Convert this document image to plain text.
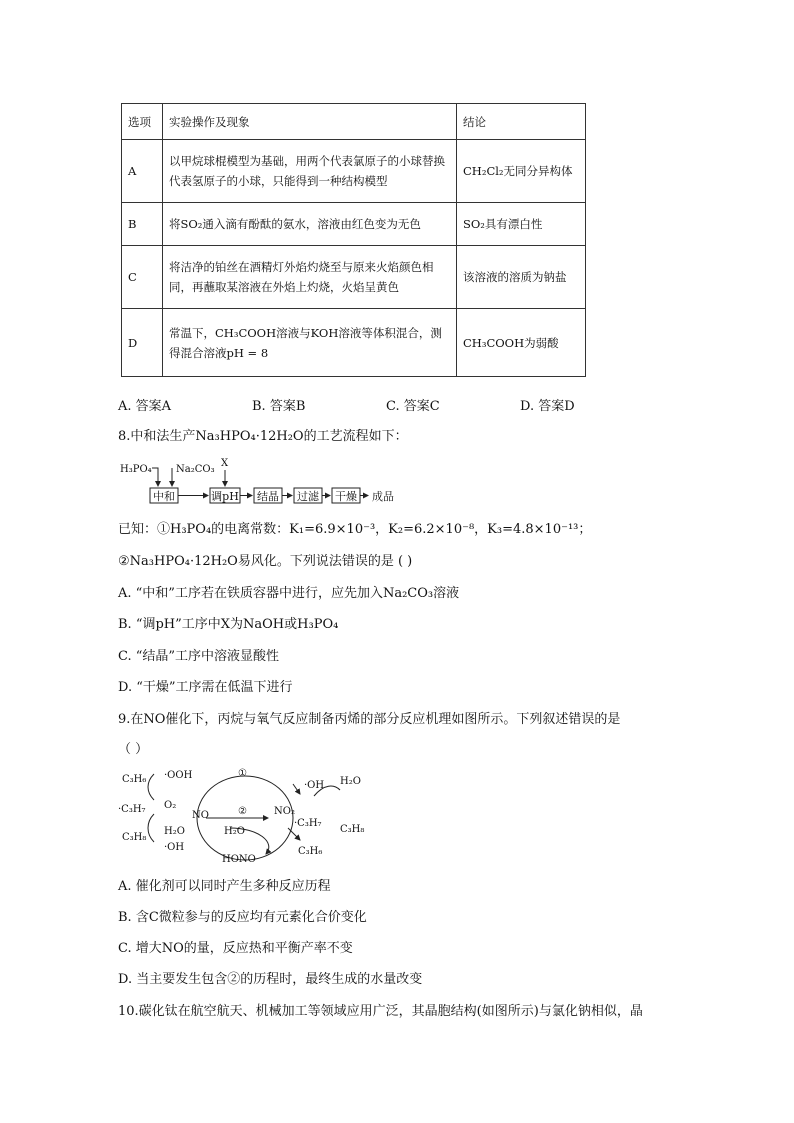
选项	实验操作及现象	结论
A	以甲烷球棍模型为基础，用两个代表氯原子的小球替换代表氢原子的小球，只能得到一种结构模型	CH₂Cl₂无同分异构体
B	将SO₂通入滴有酚酞的氨水，溶液由红色变为无色	SO₂具有漂白性
C	将洁净的铂丝在酒精灯外焰灼烧至与原来火焰颜色相同，再蘸取某溶液在外焰上灼烧，火焰呈黄色	该溶液的溶质为钠盐
D	常温下，CH₃COOH溶液与KOH溶液等体积混合，测得混合溶液pH = 8	CH₃COOH为弱酸
A. 答案A	B. 答案B	C. 答案C	D. 答案D
8.中和法生产Na₃HPO₄·12H₂O的工艺流程如下：
H₃PO₄ Na₂CO₃
X
中和	调pH 结晶 过滤 干燥 成品
已知：①H₃PO₄的电离常数：K₁=6.9×10⁻³，K₂=6.2×10⁻⁸，K₃=4.8×10⁻¹³；
②Na₃HPO₄·12H₂O易风化。下列说法错误的是 ( )
A. “中和”工序若在铁质容器中进行，应先加入Na₂CO₃溶液
B. “调pH”工序中X为NaOH或H₃PO₄
C. “结晶”工序中溶液显酸性
D. “干燥”工序需在低温下进行
9.在NO催化下，丙烷与氧气反应制备丙烯的部分反应机理如图所示。下列叙述错误的是
（ ）
C₃H₆ ·OOH
·C₃H₇ O₂
NO
C₃H₈
H₂O
·OH
①
②
H₂O
HONO
·OH H₂O
NO₂
·C₃H₇
C₃H₈
C₃H₆
A. 催化剂可以同时产生多种反应历程
B. 含C微粒参与的反应均有元素化合价变化
C. 增大NO的量，反应热和平衡产率不变
D. 当主要发生包含②的历程时，最终生成的水量改变
10.碳化钛在航空航天、机械加工等领域应用广泛，其晶胞结构(如图所示)与氯化钠相似，晶
